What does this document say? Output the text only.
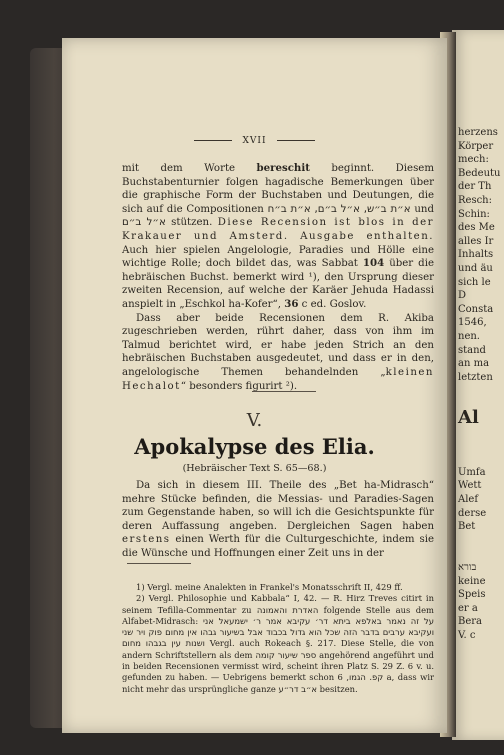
herzens
Körper
mech:
Bedeutu
der Th
Resch:
Schin:
des Me
alles Ir
Inhalts
und äu
sich le
D
Consta
1546,
nen.
stand
an ma
letzten
Al
Umfa
Wett
Alef
derse
Bet
בורא
keine
Speis
er a
Bera
V. c
XVII

mit dem Worte bereschit beginnt. Diesem Buchstabenturnier folgen hagadische Bemerkungen über die graphische Form der Buchstaben und Deutungen, die sich auf die Compositionen א״ת ב״ש, א״ל ב״ם, א״ת ב״ח und א״ל ב״ם stützen. Diese Recension ist blos in der Krakauer und Amsterd. Ausgabe enthalten. Auch hier spielen Angelologie, Paradies und Hölle eine wichtige Rolle; doch bildet das, was Sabbat 104 über die hebräischen Buchst. bemerkt wird ¹), den Ursprung dieser zweiten Recension, auf welche der Karäer Jehuda Hadassi anspielt in „Eschkol ha-Kofer“, 36 c ed. Goslov.

Dass aber beide Recensionen dem R. Akiba zugeschrieben werden, rührt daher, dass von ihm im Talmud berichtet wird, er habe jeden Strich an den hebräischen Buchstaben ausgedeutet, und dass er in den, angelologische Themen behandelnden „kleinen Hechalot“ besonders figurirt ²).

V.
Apokalypse des Elia.
(Hebräischer Text S. 65—68.)

Da sich in diesem III. Theile des „Bet ha-Midrasch“ mehre Stücke befinden, die Messias- und Paradies-Sagen zum Gegenstande haben, so will ich die Gesichtspunkte für deren Auffassung angeben. Dergleichen Sagen haben erstens einen Werth für die Culturgeschichte, indem sie die Wünsche und Hoffnungen einer Zeit uns in der

1) Vergl. meine Analekten in Frankel's Monatsschrift II, 429 ff.

2) Vergl. Philosophie und Kabbala“ I, 42. — R. Hirz Treves citirt in seinem Tefilla-Commentar zu האדרת והאמונה folgende Stelle aus dem Alfabet-Midrasch: על זה נאמר באלפא ביתא דר׳ עקיבא אמר ר׳ ישמעאל אני ועקיבא ערבים בדבר הזה שכל הוא גדול בכבוד אבל בשיעור גבהו אין מחום פוק ויר שני ושנות עין בגבהו מחום Vergl. auch Rokeach §. 217. Diese Stelle, die von andern Schriftstellern als dem ספר שיעור קומה angehörend angeführt und in beiden Recensionen vermisst wird, scheint ihren Platz S. 29 Z. 6 v. u. gefunden zu haben. — Uebrigens bemerkt schon קפ. הגמו, 6 a, dass wir nicht mehr das ursprüngliche ganze א״ב דר״ע besitzen.
